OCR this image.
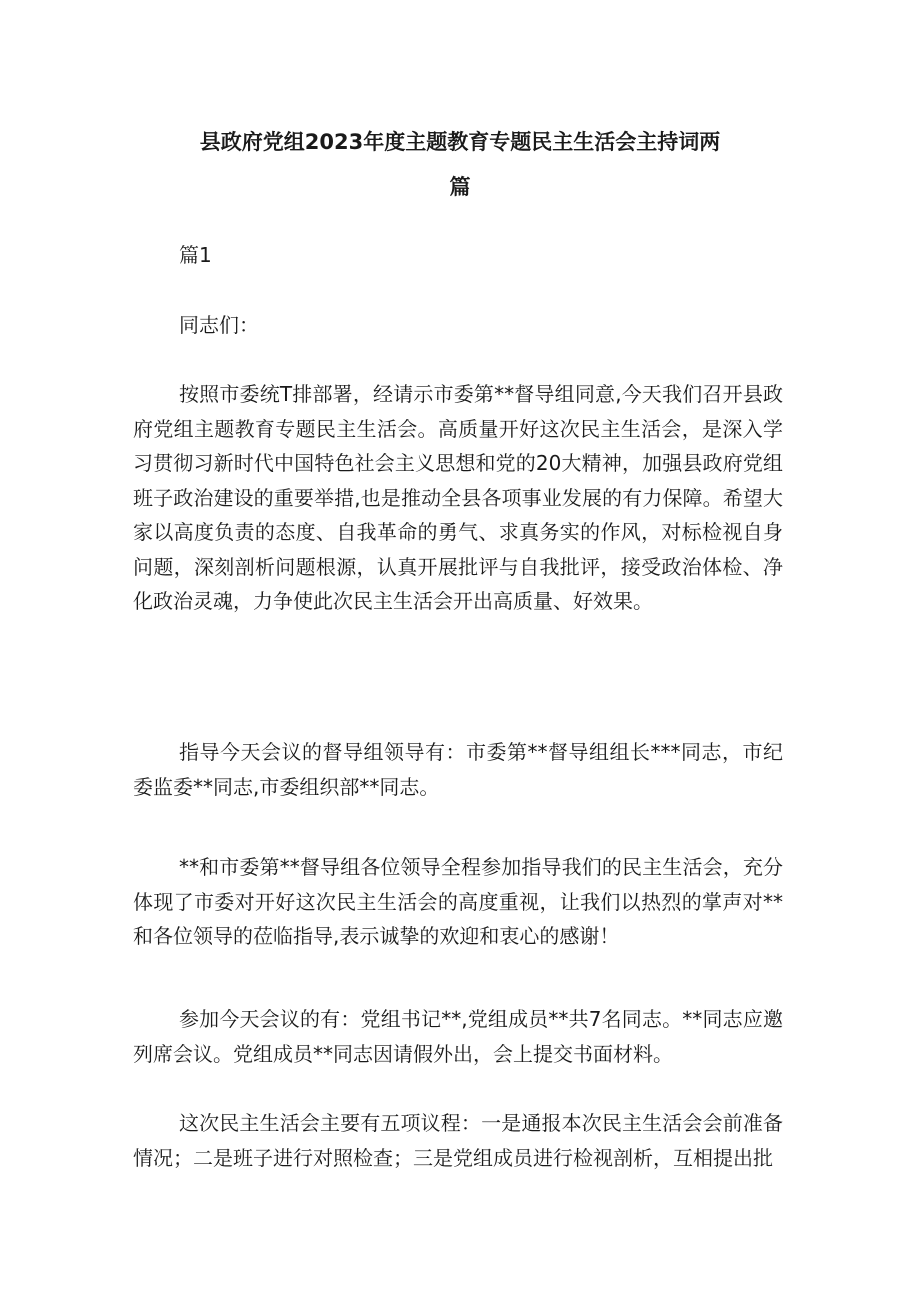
县政府党组2023年度主题教育专题民主生活会主持词两
篇

篇1

同志们：

按照市委统Т排部署，经请示市委第**督导组同意,今天我们召开县政府党组主题教育专题民主生活会。高质量开好这次民主生活会，是深入学习贯彻习新时代中国特色社会主义思想和党的20大精神，加强县政府党组班子政治建设的重要举措,也是推动全县各项事业发展的有力保障。希望大家以高度负责的态度、自我革命的勇气、求真务实的作风，对标检视自身问题，深刻剖析问题根源，认真开展批评与自我批评，接受政治体检、净化政治灵魂，力争使此次民主生活会开出高质量、好效果。

指导今天会议的督导组领导有：市委第**督导组组长***同志，市纪委监委**同志,市委组织部**同志。

**和市委第**督导组各位领导全程参加指导我们的民主生活会，充分体现了市委对开好这次民主生活会的高度重视，让我们以热烈的掌声对**和各位领导的莅临指导,表示诚挚的欢迎和衷心的感谢！

参加今天会议的有：党组书记**,党组成员**共7名同志。**同志应邀列席会议。党组成员**同志因请假外出，会上提交书面材料。

这次民主生活会主要有五项议程：一是通报本次民主生活会会前准备情况；二是班子进行对照检查；三是党组成员进行检视剖析，互相提出批
